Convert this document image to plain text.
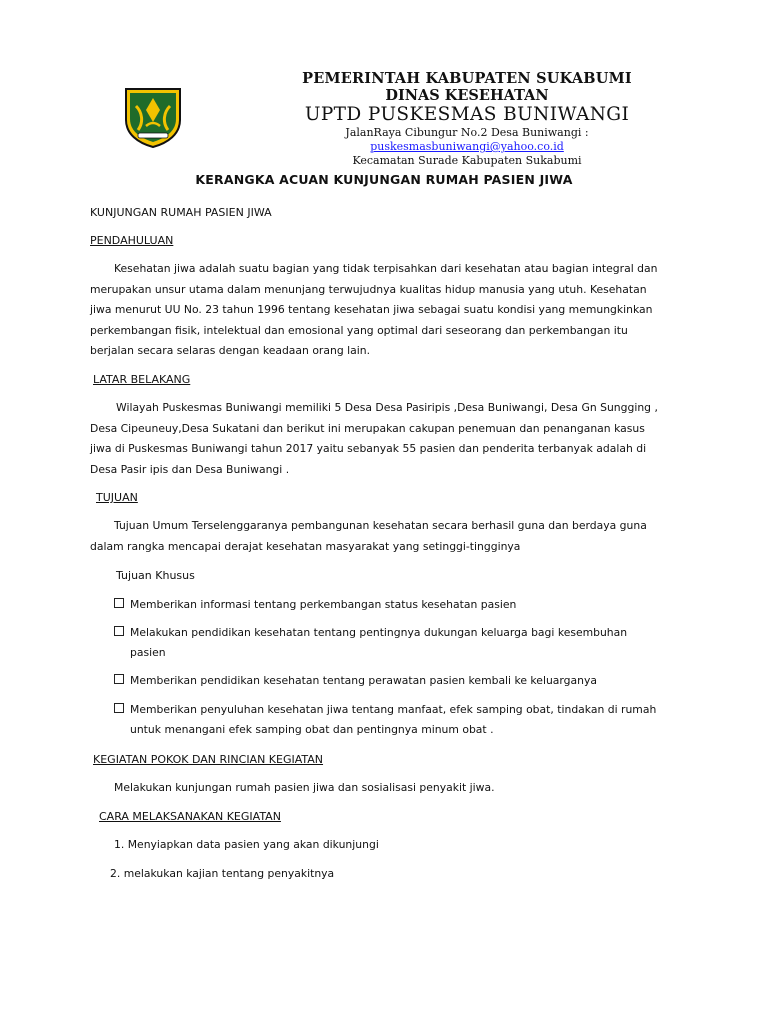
PEMERINTAH KABUPATEN SUKABUMI
DINAS KESEHATAN
UPTD PUSKESMAS BUNIWANGI
JalanRaya Cibungur No.2 Desa Buniwangi :
puskesmasbuniwangi@yahoo.co.id
Kecamatan Surade Kabupaten Sukabumi
KERANGKA ACUAN KUNJUNGAN RUMAH PASIEN JIWA
KUNJUNGAN RUMAH PASIEN JIWA
PENDAHULUAN

Kesehatan jiwa adalah suatu bagian yang tidak terpisahkan dari kesehatan atau bagian integral dan

merupakan unsur utama dalam menunjang terwujudnya kualitas hidup manusia yang utuh. Kesehatan

jiwa menurut UU No. 23 tahun 1996 tentang kesehatan jiwa sebagai suatu kondisi yang memungkinkan

perkembangan fisik, intelektual dan emosional yang optimal dari seseorang dan perkembangan itu

berjalan secara selaras dengan keadaan orang lain.

LATAR BELAKANG

Wilayah Puskesmas Buniwangi memiliki 5 Desa Desa Pasiripis ,Desa Buniwangi, Desa Gn Sungging ,

Desa Cipeuneuy,Desa Sukatani dan berikut ini merupakan cakupan penemuan dan penanganan kasus

jiwa di Puskesmas Buniwangi tahun 2017 yaitu sebanyak 55 pasien dan penderita terbanyak adalah di

Desa Pasir ipis dan Desa Buniwangi .

TUJUAN

Tujuan Umum Terselenggaranya pembangunan kesehatan secara berhasil guna dan berdaya guna

dalam rangka mencapai derajat kesehatan masyarakat yang setinggi-tingginya

Tujuan Khusus
Memberikan informasi tentang perkembangan status kesehatan pasien
Melakukan pendidikan kesehatan tentang pentingnya dukungan keluarga bagi kesembuhan
pasien
Memberikan pendidikan kesehatan tentang perawatan pasien kembali ke keluarganya
Memberikan penyuluhan kesehatan jiwa tentang manfaat, efek samping obat, tindakan di rumah
untuk menangani efek samping obat dan pentingnya minum obat .
KEGIATAN POKOK DAN RINCIAN KEGIATAN
Melakukan kunjungan rumah pasien jiwa dan sosialisasi penyakit jiwa.
CARA MELAKSANAKAN KEGIATAN
1. Menyiapkan data pasien yang akan dikunjungi
2. melakukan kajian tentang penyakitnya
